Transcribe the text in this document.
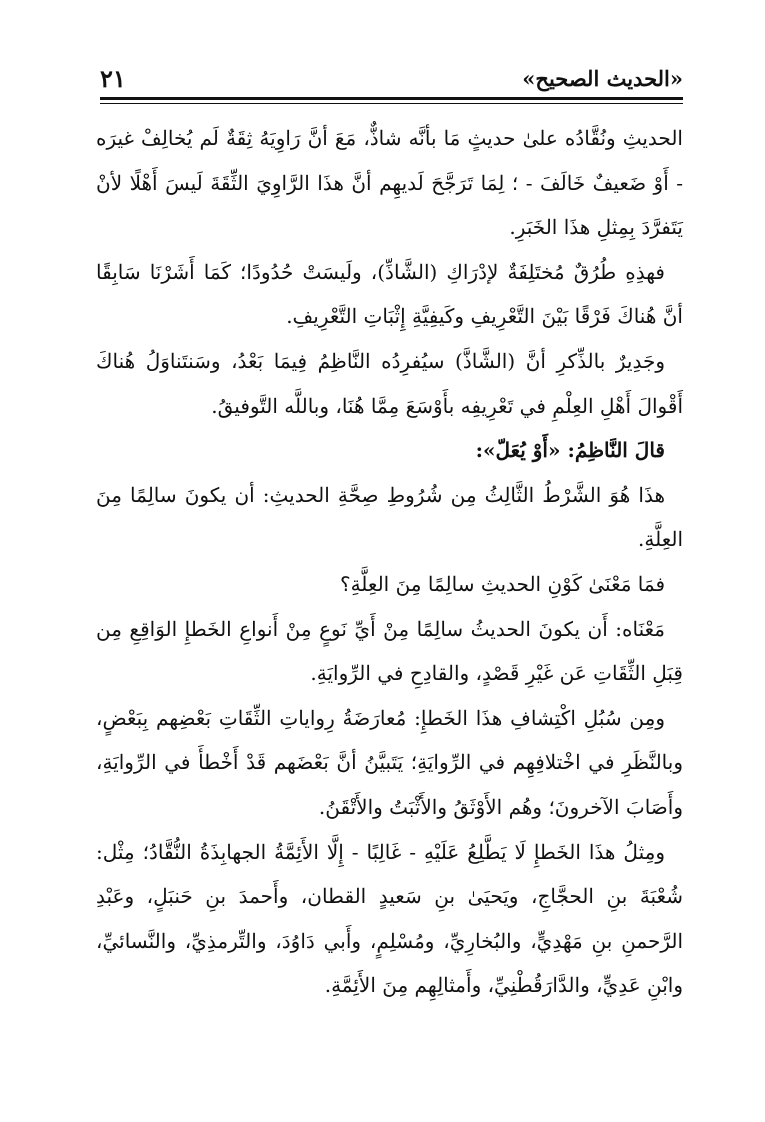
«الحديث الصحيح»
٢١

الحديثِ ونُقَّادُه علىٰ حديثٍ مَا بأنَّه شاذٌّ، مَعَ أنَّ رَاوِيَهُ ثِقَةٌ لَم يُخالِفْ غيرَه - أَوْ ضَعيفٌ خَالَفَ - ؛ لِمَا تَرَجَّحَ لَديهِم أنَّ هذَا الرَّاوِيَ الثِّقَةَ لَيسَ أَهْلًا لأنْ يَتَفرَّدَ بِمِثلِ هذَا الخَبَرِ.

فهذِهِ طُرُقٌ مُختَلِفَةٌ لإدْرَاكِ (الشَّاذِّ)، ولَيسَتْ حُدُودًا؛ كَمَا أَشَرْنَا سَابِقًا أنَّ هُناكَ فَرْقًا بَيْنَ التَّعْرِيفِ وكَيفِيَّةِ إِثْبَاتِ التَّعْرِيفِ.

وجَدِيرٌ بالذِّكرِ أنَّ (الشَّاذَّ) سيُفرِدُه النَّاظِمُ فِيمَا بَعْدُ، وسَنتَناوَلُ هُناكَ أَقْوالَ أَهْلِ العِلْمِ في تَعْرِيفِه بأَوْسَعَ مِمَّا هُنَا، وباللَّه التَّوفيقُ.

قالَ النَّاظِمُ: «أَوْ يُعَلّ»:

هذَا هُوَ الشَّرْطُ الثَّالِثُ مِن شُرُوطِ صِحَّةِ الحديثِ: أن يكونَ سالِمًا مِنَ العِلَّةِ.

فمَا مَعْنَىٰ كَوْنِ الحديثِ سالِمًا مِنَ العِلَّةِ؟

مَعْنَاه: أَن يكونَ الحديثُ سالِمًا مِنْ أَيِّ نَوعٍ مِنْ أَنواعِ الخَطإِ الوَاقِعِ مِن قِبَلِ الثِّقَاتِ عَن غَيْرِ قَصْدٍ، والقادِحِ في الرِّوايَةِ.

ومِن سُبُلِ اكْتِشافِ هذَا الخَطإِ: مُعارَضَةُ رِواياتِ الثِّقَاتِ بَعْضِهم بِبَعْضٍ، وبالنَّظَرِ في اخْتلافِهِم في الرِّوايَةِ؛ يَتَبيَّنُ أنَّ بَعْضَهم قَدْ أَخْطأَ في الرِّوايَةِ، وأَصَابَ الآخرونَ؛ وهُم الأَوْثَقُ والأَثْبَتُ والأَتْقَنُ.

ومِثلُ هذَا الخَطإِ لَا يَطَّلِعُ عَلَيْهِ - غَالِبًا - إِلَّا الأَئِمَّةُ الجهابِذَةُ النُّقَّادُ؛ مِثْل: شُعْبَةَ بنِ الحجَّاجِ، ويَحيَىٰ بنِ سَعيدٍ القطان، وأَحمدَ بنِ حَنبَلٍ، وعَبْدِ الرَّحمنِ بنِ مَهْدِيٍّ، والبُخارِيِّ، ومُسْلِمٍ، وأَبي دَاوُدَ، والتِّرمذِيِّ، والنَّسائيِّ، وابْنِ عَدِيٍّ، والدَّارَقُطْنِيِّ، وأَمثالِهِم مِنَ الأَئِمَّةِ.
